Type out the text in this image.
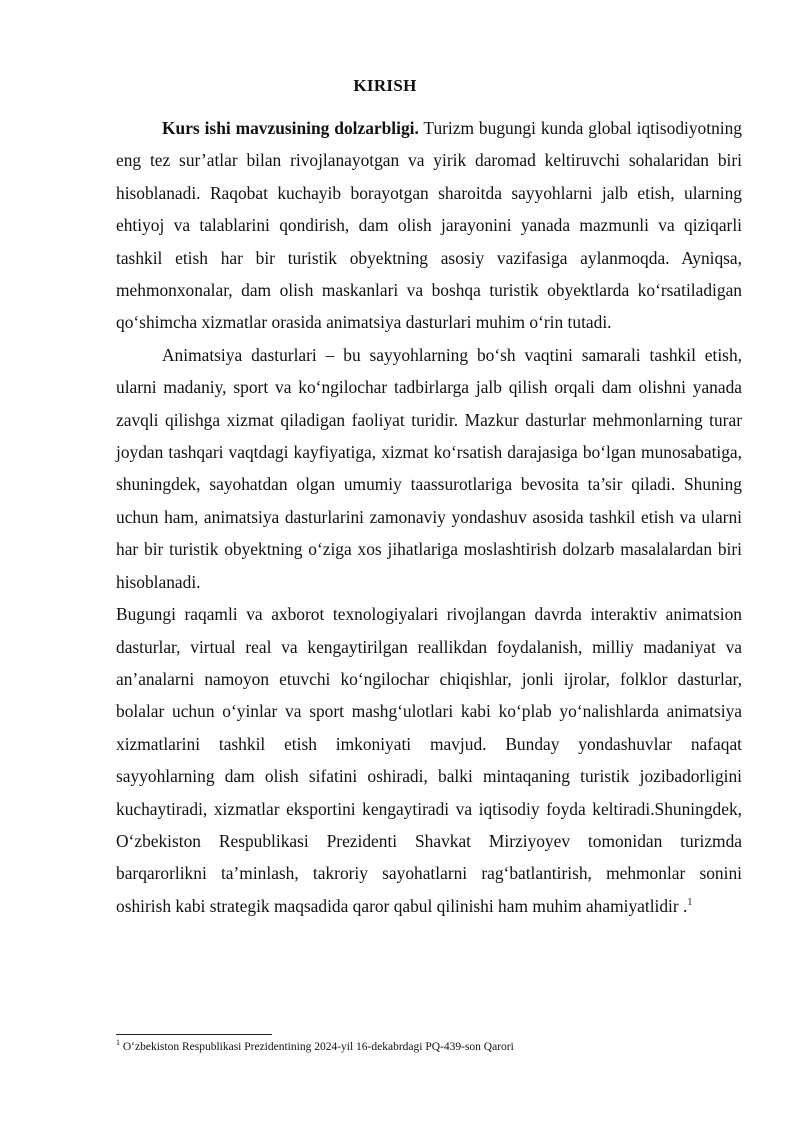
KIRISH

Kurs ishi mavzusining dolzarbligi. Turizm bugungi kunda global iqtisodiyotning eng tez sur’atlar bilan rivojlanayotgan va yirik daromad keltiruvchi sohalaridan biri hisoblanadi. Raqobat kuchayib borayotgan sharoitda sayyohlarni jalb etish, ularning ehtiyoj va talablarini qondirish, dam olish jarayonini yanada mazmunli va qiziqarli tashkil etish har bir turistik obyektning asosiy vazifasiga aylanmoqda. Ayniqsa, mehmonxonalar, dam olish maskanlari va boshqa turistik obyektlarda ko‘rsatiladigan qo‘shimcha xizmatlar orasida animatsiya dasturlari muhim o‘rin tutadi.

Animatsiya dasturlari – bu sayyohlarning bo‘sh vaqtini samarali tashkil etish, ularni madaniy, sport va ko‘ngilochar tadbirlarga jalb qilish orqali dam olishni yanada zavqli qilishga xizmat qiladigan faoliyat turidir. Mazkur dasturlar mehmonlarning turar joydan tashqari vaqtdagi kayfiyatiga, xizmat ko‘rsatish darajasiga bo‘lgan munosabatiga, shuningdek, sayohatdan olgan umumiy taassurotlariga bevosita ta’sir qiladi. Shuning uchun ham, animatsiya dasturlarini zamonaviy yondashuv asosida tashkil etish va ularni har bir turistik obyektning o‘ziga xos jihatlariga moslashtirish dolzarb masalalardan biri hisoblanadi.

Bugungi raqamli va axborot texnologiyalari rivojlangan davrda interaktiv animatsion dasturlar, virtual real va kengaytirilgan reallikdan foydalanish, milliy madaniyat va an’analarni namoyon etuvchi ko‘ngilochar chiqishlar, jonli ijrolar, folklor dasturlar, bolalar uchun o‘yinlar va sport mashg‘ulotlari kabi ko‘plab yo‘nalishlarda animatsiya xizmatlarini tashkil etish imkoniyati mavjud. Bunday yondashuvlar nafaqat sayyohlarning dam olish sifatini oshiradi, balki mintaqaning turistik jozibadorligini kuchaytiradi, xizmatlar eksportini kengaytiradi va iqtisodiy foyda keltiradi.Shuningdek, O‘zbekiston Respublikasi Prezidenti Shavkat Mirziyoyev tomonidan turizmda barqarorlikni ta’minlash, takroriy sayohatlarni rag‘batlantirish, mehmonlar sonini oshirish kabi strategik maqsadida qaror qabul qilinishi ham muhim ahamiyatlidir .$^1$

$^1$ O‘zbekiston Respublikasi Prezidentining 2024-yil 16-dekabrdagi PQ-439-son Qarori
